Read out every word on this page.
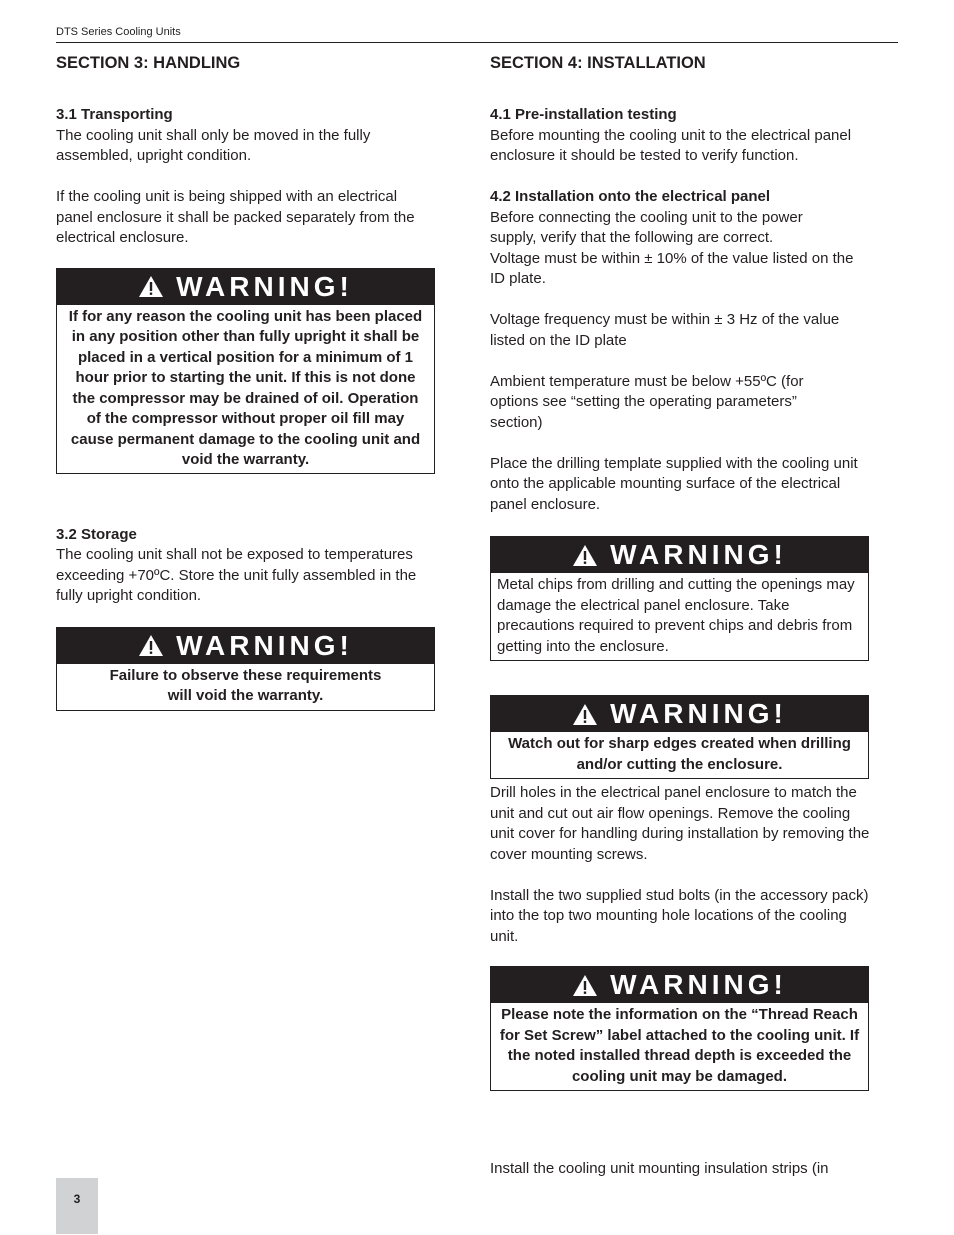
DTS Series Cooling Units

SECTION 3: HANDLING

3.1 Transporting

The cooling unit shall only be moved in the fully assembled, upright condition.

If the cooling unit is being shipped with an electrical panel enclosure it shall be packed separately from the electrical enclosure.

WARNING!
If for any reason the cooling unit has been placed in any position other than fully upright it shall be placed in a vertical position for a minimum of 1 hour prior to starting the unit. If this is not done the compressor may be drained of oil. Operation of the compressor without proper oil fill may cause permanent damage to the cooling unit and void the warranty.

3.2 Storage

The cooling unit shall not be exposed to temperatures exceeding +70ºC. Store the unit fully assembled in the fully upright condition.

WARNING!
Failure to observe these requirements
will void the warranty.

SECTION 4: INSTALLATION

4.1 Pre-installation testing

Before mounting the cooling unit to the electrical panel enclosure it should be tested to verify function.

4.2 Installation onto the electrical panel

Before connecting the cooling unit to the power supply, verify that the following are correct.

Voltage must be within ± 10% of the value listed on the ID plate.

Voltage frequency must be within ± 3 Hz of the value listed on the ID plate

Ambient temperature must be below +55ºC (for options see “setting the operating parameters” section)

Place the drilling template supplied with the cooling unit onto the applicable mounting surface of the electrical panel enclosure.

WARNING!
Metal chips from drilling and cutting the openings may damage the electrical panel enclosure. Take precautions required to prevent chips and debris from getting into the enclosure.
WARNING!
Watch out for sharp edges created when drilling and/or cutting the enclosure.

Drill holes in the electrical panel enclosure to match the unit and cut out air flow openings. Remove the cooling unit cover for handling during installation by removing the cover mounting screws.

Install the two supplied stud bolts (in the accessory pack) into the top two mounting hole locations of the cooling unit.

WARNING!
Please note the information on the “Thread Reach for Set Screw” label attached to the cooling unit. If the noted installed thread depth is exceeded the cooling unit may be damaged.

Install the cooling unit mounting insulation strips (in

3
